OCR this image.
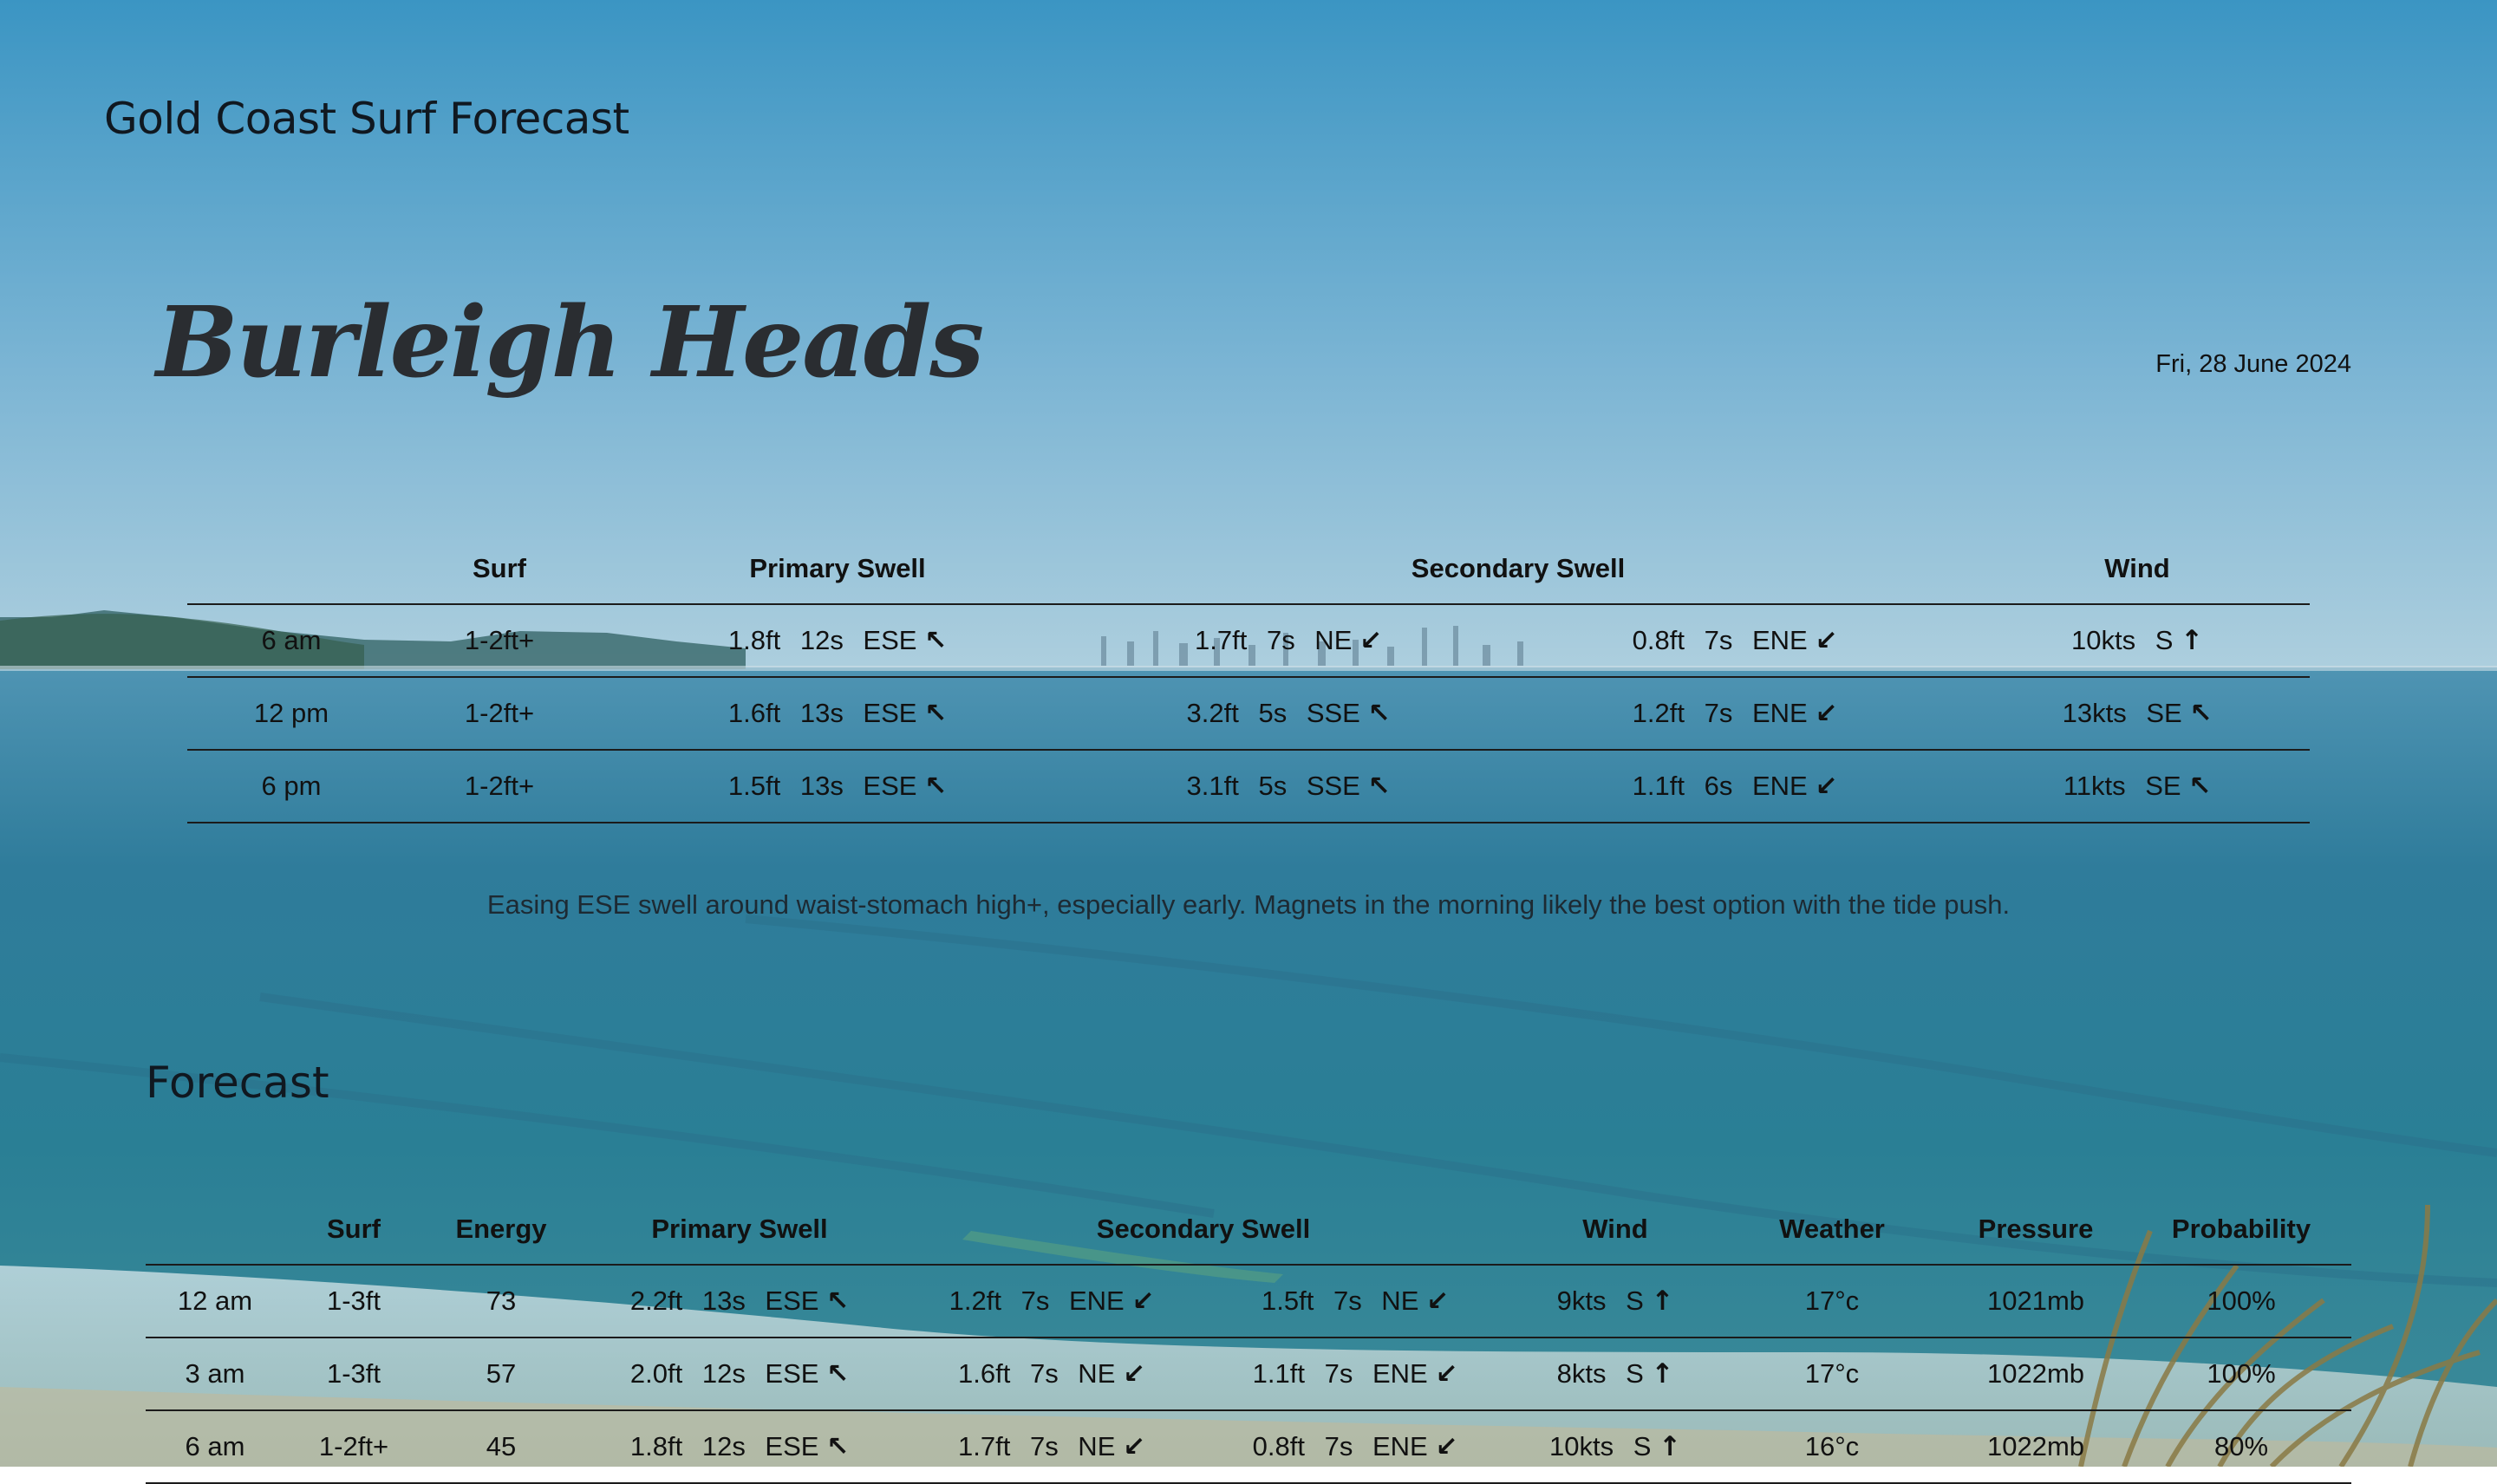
Gold Coast Surf Forecast
Burleigh Heads	Fri, 28 June 2024
	Surf	Primary Swell	Secondary Swell		Wind
6 am	1-2ft+	1.8ft 12s ESE ↖	1.7ft 7s NE ↙	0.8ft 7s ENE ↙	10kts S ↑
12 pm	1-2ft+	1.6ft 13s ESE ↖	3.2ft 5s SSE ↖	1.2ft 7s ENE ↙	13kts SE ↖
6 pm	1-2ft+	1.5ft 13s ESE ↖	3.1ft 5s SSE ↖	1.1ft 6s ENE ↙	11kts SE ↖
Easing ESE swell around waist-stomach high+, especially early. Magnets in the morning likely the best option with the tide push.
Forecast
	Surf	Energy	Primary Swell	Secondary Swell		Wind	Weather	Pressure	Probability
12 am	1-3ft	73	2.2ft 13s ESE ↖	1.2ft 7s ENE ↙	1.5ft 7s NE ↙	9kts S ↑	17°c	1021mb	100%
3 am	1-3ft	57	2.0ft 12s ESE ↖	1.6ft 7s NE ↙	1.1ft 7s ENE ↙	8kts S ↑	17°c	1022mb	100%
6 am	1-2ft+	45	1.8ft 12s ESE ↖	1.7ft 7s NE ↙	0.8ft 7s ENE ↙	10kts S ↑	16°c	1022mb	80%
